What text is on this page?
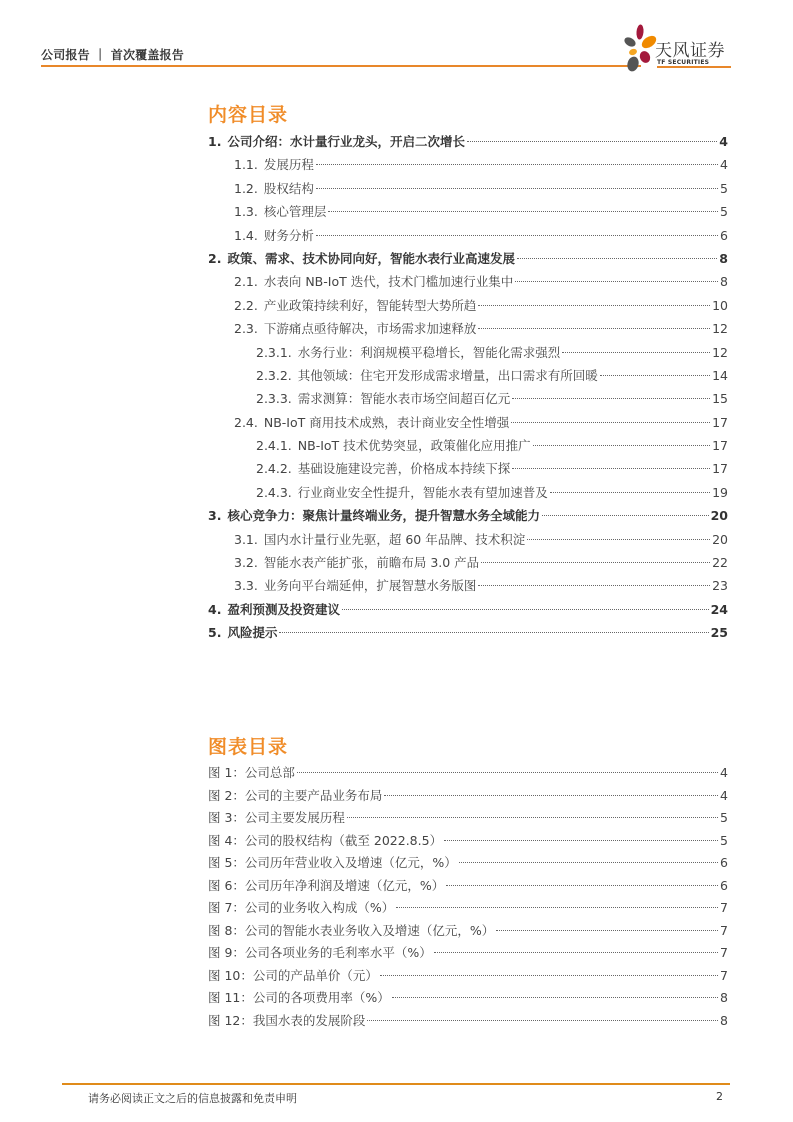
公司报告 ｜ 首次覆盖报告	天风证券
TF SECURITIES
内容目录
1. 公司介绍：水计量行业龙头，开启二次增长	4
1.1. 发展历程	4
1.2. 股权结构	5
1.3. 核心管理层	5
1.4. 财务分析	6
2. 政策、需求、技术协同向好，智能水表行业高速发展	8
2.1. 水表向 NB-IoT 迭代，技术门槛加速行业集中	8
2.2. 产业政策持续利好，智能转型大势所趋	10
2.3. 下游痛点亟待解决，市场需求加速释放	12
2.3.1. 水务行业：利润规模平稳增长，智能化需求强烈	12
2.3.2. 其他领域：住宅开发形成需求增量，出口需求有所回暖	14
2.3.3. 需求测算：智能水表市场空间超百亿元	15
2.4. NB-IoT 商用技术成熟，表计商业安全性增强	17
2.4.1. NB-IoT 技术优势突显，政策催化应用推广	17
2.4.2. 基础设施建设完善，价格成本持续下探	17
2.4.3. 行业商业安全性提升，智能水表有望加速普及	19
3. 核心竞争力：聚焦计量终端业务，提升智慧水务全域能力	20
3.1. 国内水计量行业先驱，超 60 年品牌、技术积淀	20
3.2. 智能水表产能扩张，前瞻布局 3.0 产品	22
3.3. 业务向平台端延伸，扩展智慧水务版图	23
4. 盈利预测及投资建议	24
5. 风险提示	25
图表目录
图 1：公司总部	4
图 2：公司的主要产品业务布局	4
图 3：公司主要发展历程	5
图 4：公司的股权结构（截至 2022.8.5）	5
图 5：公司历年营业收入及增速（亿元，%）	6
图 6：公司历年净利润及增速（亿元，%）	6
图 7：公司的业务收入构成（%）	7
图 8：公司的智能水表业务收入及增速（亿元，%）	7
图 9：公司各项业务的毛利率水平（%）	7
图 10：公司的产品单价（元）	7
图 11：公司的各项费用率（%）	8
图 12：我国水表的发展阶段	8
请务必阅读正文之后的信息披露和免责申明	2
